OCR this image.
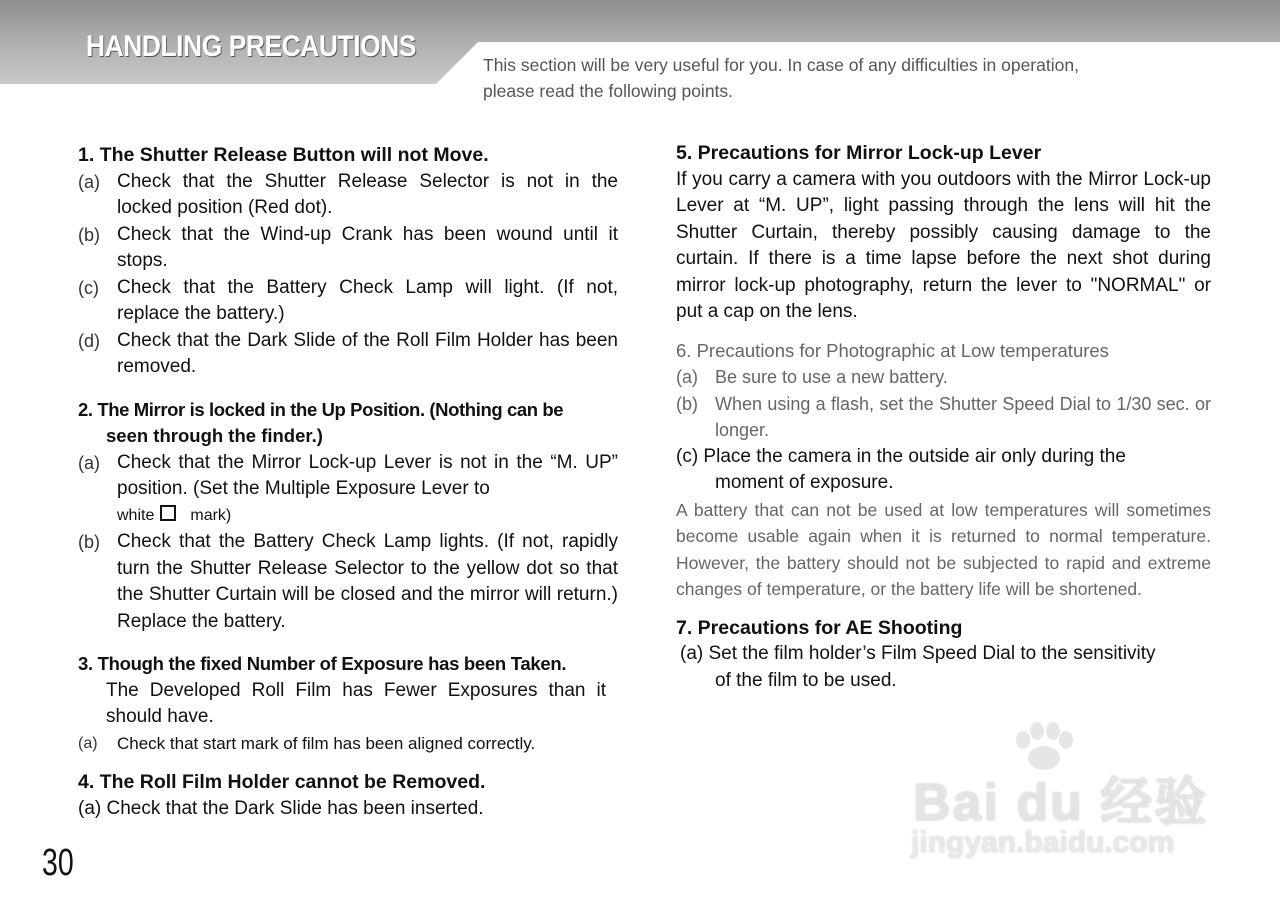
HANDLING PRECAUTIONS
This section will be very useful for you. In case of any difficulties in operation,
please read the following points.
1. The Shutter Release Button will not Move.
(a) Check that the Shutter Release Selector is not in the locked position (Red dot).
(b) Check that the Wind-up Crank has been wound until it stops.
(c) Check that the Battery Check Lamp will light. (If not, replace the battery.)
(d) Check that the Dark Slide of the Roll Film Holder has been removed.
2. The Mirror is locked in the Up Position. (Nothing can be
seen through the finder.)
(a) Check that the Mirror Lock-up Lever is not in the “M. UP” position. (Set the Multiple Exposure Lever to
white mark)
(b) Check that the Battery Check Lamp lights. (If not, rapidly turn the Shutter Release Selector to the yellow dot so that the Shutter Curtain will be closed and the mirror will return.) Replace the battery.
3. Though the fixed Number of Exposure has been Taken.
The Developed Roll Film has Fewer Exposures than it should have.
(a) Check that start mark of film has been aligned correctly.
4. The Roll Film Holder cannot be Removed.
(a) Check that the Dark Slide has been inserted.
5. Precautions for Mirror Lock-up Lever
If you carry a camera with you outdoors with the Mirror Lock-up Lever at “M. UP”, light passing through the lens will hit the Shutter Curtain, thereby possibly causing damage to the curtain. If there is a time lapse before the next shot during mirror lock-up photography, return the lever to "NORMAL" or put a cap on the lens.
6. Precautions for Photographic at Low temperatures
(a) Be sure to use a new battery.
(b) When using a flash, set the Shutter Speed Dial to 1/30 sec. or longer.
(c) Place the camera in the outside air only during the
moment of exposure.
A battery that can not be used at low temperatures will sometimes become usable again when it is returned to normal temperature. However, the battery should not be subjected to rapid and extreme changes of temperature, or the battery life will be shortened.
7. Precautions for AE Shooting
(a) Set the film holder’s Film Speed Dial to the sensitivity
of the film to be used.
30
Bai du 经验
jingyan.baidu.com
